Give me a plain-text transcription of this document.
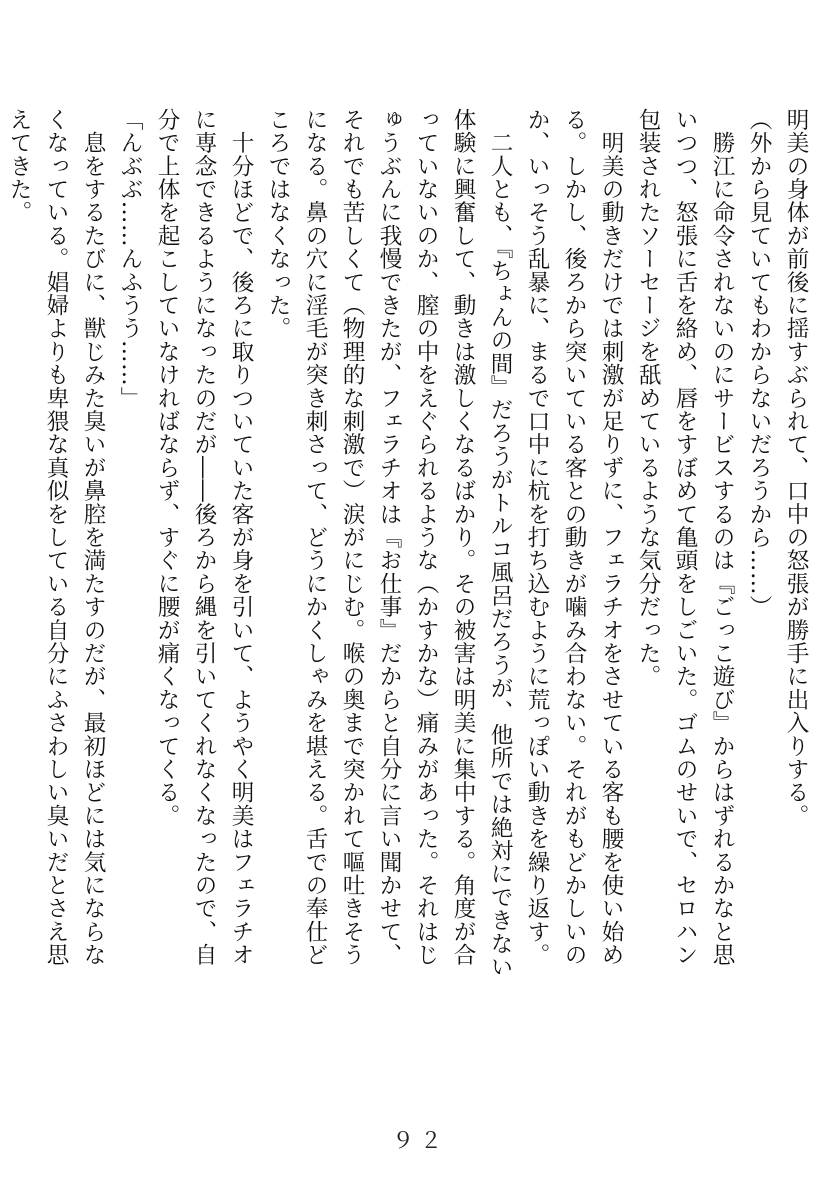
明美の身体が前後に揺すぶられて、口中の怒張が勝手に出入りする。

（外から見ていてもわからないだろうから……）

　勝江に命令されないのにサービスするのは『ごっこ遊び』からはずれるかなと思いつつ、怒張に舌を絡め、唇をすぼめて亀頭をしごいた。ゴムのせいで、セロハン包装されたソーセージを舐めているような気分だった。

　明美の動きだけでは刺激が足りずに、フェラチオをさせている客も腰を使い始める。しかし、後ろから突いている客との動きが噛み合わない。それがもどかしいのか、いっそう乱暴に、まるで口中に杭を打ち込むように荒っぽい動きを繰り返す。

　二人とも、『ちょんの間』だろうがトルコ風呂だろうが、他所では絶対にできない体験に興奮して、動きは激しくなるばかり。その被害は明美に集中する。角度が合っていないのか、膣の中をえぐられるような（かすかな）痛みがあった。それはじゅうぶんに我慢できたが、フェラチオは『お仕事』だからと自分に言い聞かせて、それでも苦しくて（物理的な刺激で）涙がにじむ。喉の奥まで突かれて嘔吐きそうになる。鼻の穴に淫毛が突き刺さって、どうにかくしゃみを堪える。舌での奉仕どころではなくなった。

　十分ほどで、後ろに取りついていた客が身を引いて、ようやく明美はフェラチオに専念できるようになったのだが――後ろから縄を引いてくれなくなったので、自分で上体を起こしていなければならず、すぐに腰が痛くなってくる。

「んぶぶ……んふうう……」

　息をするたびに、獣じみた臭いが鼻腔を満たすのだが、最初ほどには気にならなくなっている。娼婦よりも卑猥な真似をしている自分にふさわしい臭いだとさえ思えてきた。

９２
